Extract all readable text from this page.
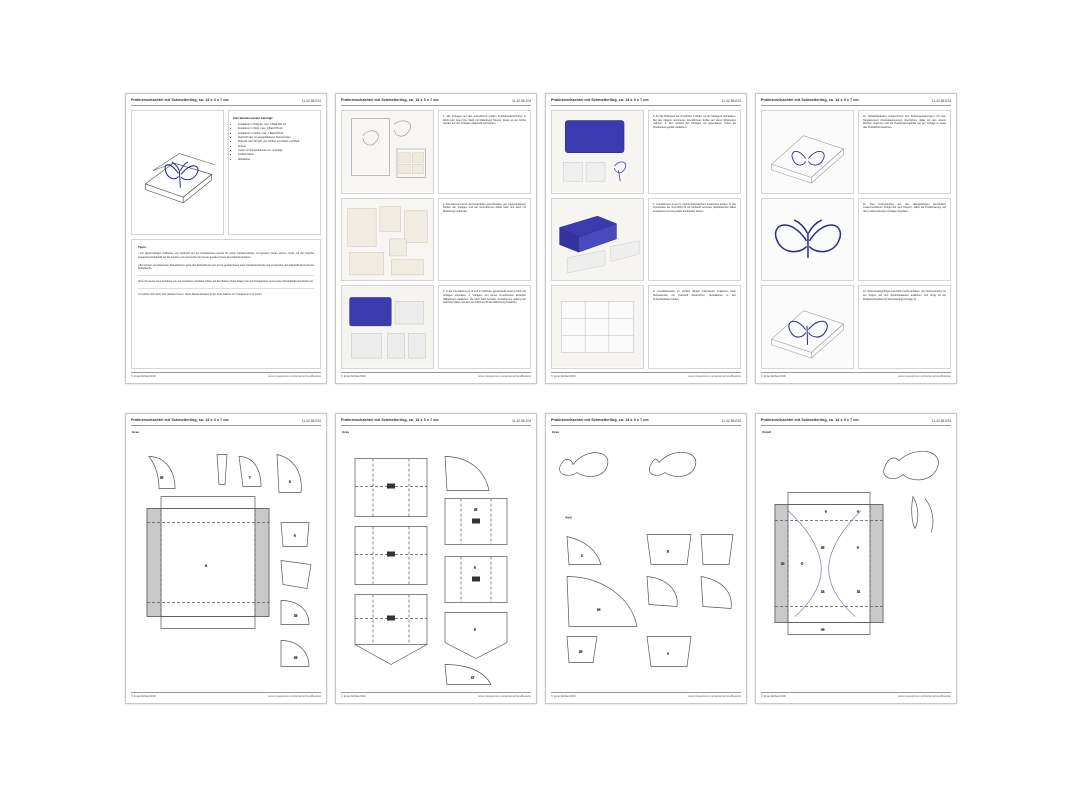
Pralinenschachtel mit Schmetterling, ca. 14 x 3 x 7 cm	11-42-55-E24
Zum Basteln werden benötigt:
• Fotokarton in Hellgrau, max. 2 Blatt DIN A4
• Fotokarton in Weiß, max. 1 Blatt DIN A4
• Fotokarton in Violett, max. 1 Blatt DIN A4
• Klebstoff oder ein ausgebliebener Klebestreifen
• Klebstift oder Stumpft, gut sichtbar auf Violett und Weiß
• Schere
• Cutter mit Schneidelineal und -unterlage
• Falzbeinspitze
• Alleskleber
Tipps:

• Für gleichmäßiges Aufkleben von Klebstoff auf die Klebelaschen kannst Du einen Falzbeinstreifen mit geraden Kante nutzen. Gebe mit der Flasche ausreichend Klebstoff auf die Lasche und verstreiche ihn mit der geraden Kante des Falzbeinstreifens.

• Bei schwer verschiebenen Klebelaschen gebe den Klebstoff auf eine kurze gerade Kante einer Fotokartonstücks und verstreiche den Klebstoff damit auf die Klebelasche.

Wenn Du keine neue Anleitung von mir verpassen möchtest, klicke auf den Button "Autor folgen" der auf Creapartners unter jedem Produktblatt anzufinden ist.

Ich würde mich auch sehr darüber freuen, Deine Bastel-Arbeiten in der Foto-Galerie von Creapartners zu sehen.

© Irene Dorbat 2019	www.creapartners.net/de/store/IreneBastelei
Pralinenschachtel mit Schmetterling, ca. 14 x 3 x 7 cm	11-42-55-104
1. Alle Vorlagen auf den ausreichend großen Fotokartonabschnitten in Weiß oder Grau bzw. Weiß mit Malerkrepp fixieren. Reste an der Größe werden auf den Vorlagen abgestellt entnehmen.
2. Grundformen durch die Konturlinien ausschneiden, der zugeschnittenen Kanten der Vorlagen und der Grundformen dabei nach und nach mit Malerkrepp verbinden.
3. In die Grundformen A, B und C Falzlinien (gestrichelte Linien) durch die Vorlagen einprägen. 4. Vorlagen von denen Grundformen abziehen (Malerkrepp aufkleben, die noch nach bemalt), Grundformen entlang der Falzlinien falten, bei den Grundformen B die Faltrichtung beachten.
© Irene Dorbat 2019	www.creapartners.net/de/store/IreneBastelei
Pralinenschachtel mit Schmetterling, ca. 14 x 3 x 7 cm	11-42-55-E24
5. Auf die Rückseite der Grundform C Zellen vor der Vorlage E überkleben. Bei den übrigen nominieren Grundformen Zellen auf deren Rückseiten nehmen. 6. Nun anhand der Vorlagen mit gepunkteten Linien als Positionierungshilfe aufkleben.
7. Grundformen A und C mittels Klebelaschen zusammen kleben. 8. Die Innenseiten der Grundform B mit Klebstoff versehen (Klebelaschen dabei aussparen) und an jeweils aneinander kleben.
9. Innenfachwerke im rechten Winkel miteinander einkleben, beim Klebelaschen mit Klebstoff bestreichen, herankleben in den Schachtelboden kleben.
© Irene Dorbat 2019	www.creapartners.net/de/store/IreneBastelei
Pralinenschachtel mit Schmetterling, ca. 14 x 3 x 7 cm	11-42-55-E24
10. Schachteldeckel entsprechend den Zeichenanweisungen mit dem Hauptelement (Festivalelementen) überziehen, dabei mit den oberen Flächen beginnen und die Positionierungshilfe auf der Vorlage G sowie das Produktfoto beachten.
11. Den Schmetterling aus den dazugehörigen Einzelteilen zusammenkleben (Flügel auf dem Körper), dabei die Positionierung auf dem entsprechenden Vorlagen beachten.
12. Schmetterlingsflügel und Fühler leicht anheben, den Schmetterling nur am Körper auf den Schachteldeckel aufkleben und fertig ist die Pralinenschachtel mit Schmetterling (Vorlage G).
© Irene Dorbat 2019	www.creapartners.net/de/store/IreneBastelei
Pralinenschachtel mit Schmetterling, ca. 14 x 3 x 7 cm	11-42-55-E34
Grau
16	7
2
A
3
13
18
© Irene Dorbat 2019	www.creapartners.net/de/store/IreneBastelei
Pralinenschachtel mit Schmetterling, ca. 14 x 3 x 7 cm	11-42-55-104
Grau
15
8
9
17
© Irene Dorbat 2019	www.creapartners.net/de/store/IreneBastelei
Pralinenschachtel mit Schmetterling, ca. 14 x 3 x 7 cm	11-42-55-E34
Grau
Weiß
1
5
14
10	4
© Irene Dorbat 2019	www.creapartners.net/de/store/IreneBastelei
Pralinenschachtel mit Schmetterling, ca. 14 x 3 x 7 cm	11-42-55-E34
Violett
C
6	4
15	9
12	11
44
10
© Irene Dorbat 2019	www.creapartners.net/de/store/IreneBastelei
